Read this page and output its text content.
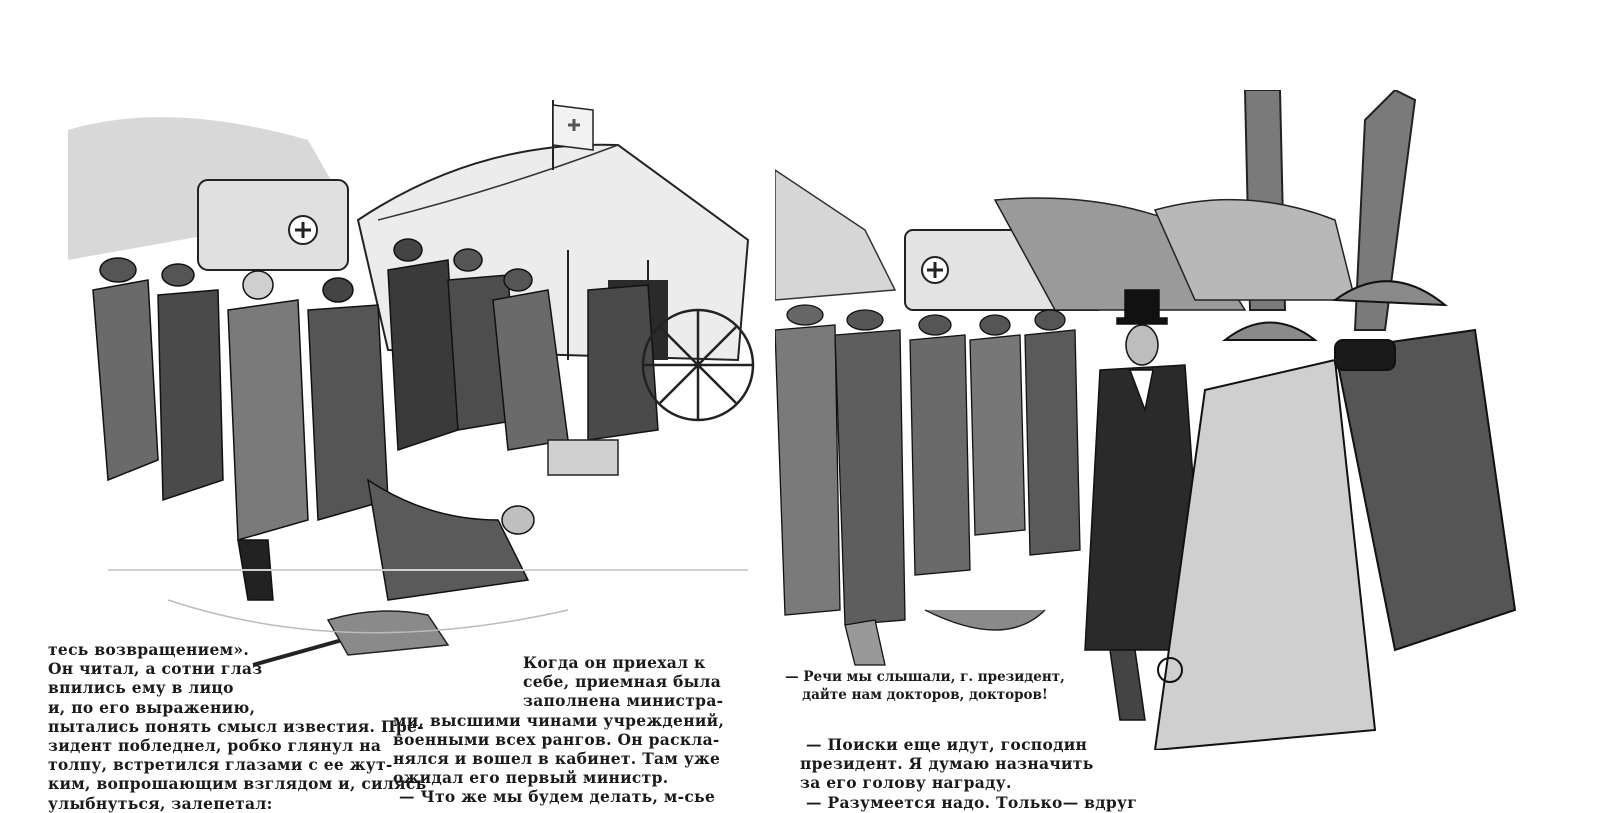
тесь возвращением».
Он читал, а сотни глаз
впились ему в лицо
и, по его выражению,
пытались понять смысл известия. Пре-
зидент побледнел, робко глянул на
толпу, встретился глазами с ее жут-
ким, вопрошающим взглядом и, силясь
улыбнуться, залепетал:
Когда он приехал к
себе, приемная была
заполнена министра-
ми, высшими чинами учреждений,
военными всех рангов. Он раскла-
нялся и вошел в кабинет. Там уже
ожидал его первый министр.
— Что же мы будем делать, м-сье
— Речи мы слышали, г. президент,
дайте нам докторов, докторов!
— Поиски еще идут, господин
президент. Я думаю назначить
за его голову награду.
— Разумеется надо. Только— вдруг
